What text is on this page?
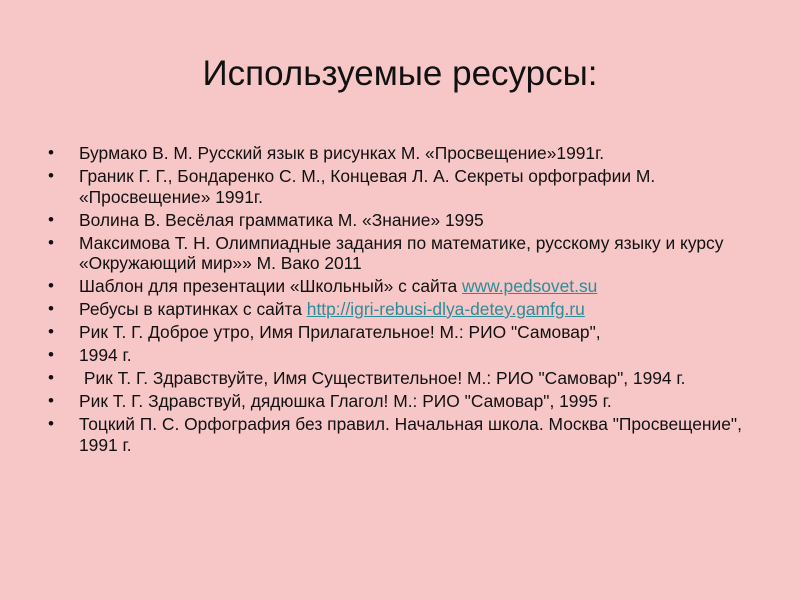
Используемые ресурсы:
• Бурмако В. М. Русский язык в рисунках М. «Просвещение»1991г.
• Граник Г. Г., Бондаренко С. М., Концевая Л. А. Секреты орфографии М. «Просвещение» 1991г.
• Волина В. Весёлая грамматика М. «Знание» 1995
• Максимова Т. Н. Олимпиадные задания по математике, русскому языку и курсу «Окружающий мир»» М. Вако 2011
• Шаблон для презентации «Школьный» с сайта www.pedsovet.su
• Ребусы в картинках с сайта http://igri-rebusi-dlya-detey.gamfg.ru
• Рик Т. Г. Доброе утро, Имя Прилагательное! М.: РИО "Самовар",
• 1994 г.
• Рик Т. Г. Здравствуйте, Имя Существительное! М.: РИО "Самовар", 1994 г.
• Рик Т. Г. Здравствуй, дядюшка Глагол! М.: РИО "Самовар", 1995 г.
• Тоцкий П. С. Орфография без правил. Начальная школа. Москва "Просвещение", 1991 г.
